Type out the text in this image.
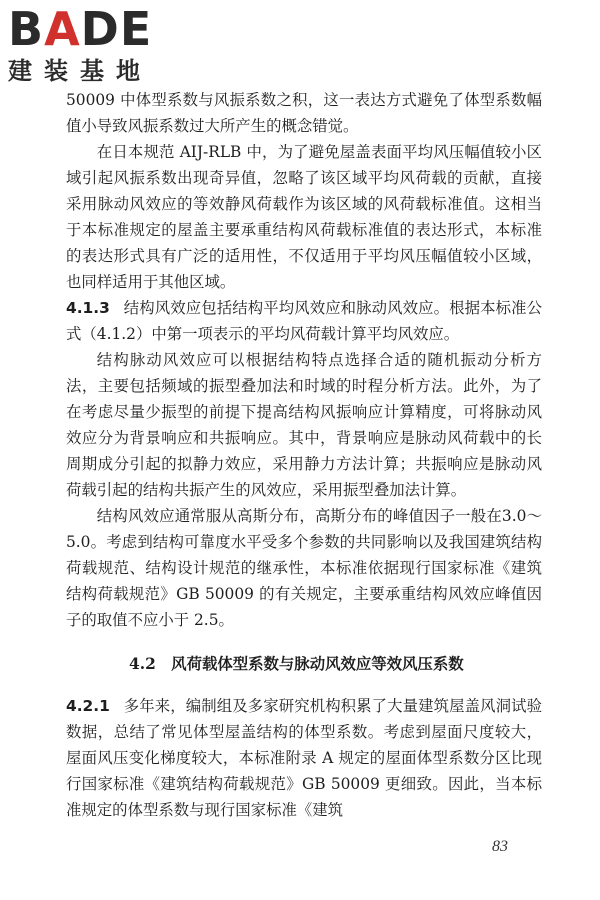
BADE
建装基地

50009 中体型系数与风振系数之积，这一表达方式避免了体型系数幅值小导致风振系数过大所产生的概念错觉。

在日本规范 AIJ-RLB 中，为了避免屋盖表面平均风压幅值较小区域引起风振系数出现奇异值，忽略了该区域平均风荷载的贡献，直接采用脉动风效应的等效静风荷载作为该区域的风荷载标准值。这相当于本标准规定的屋盖主要承重结构风荷载标准值的表达形式，本标准的表达形式具有广泛的适用性，不仅适用于平均风压幅值较小区域，也同样适用于其他区域。

4.1.3 结构风效应包括结构平均风效应和脉动风效应。根据本标准公式（4.1.2）中第一项表示的平均风荷载计算平均风效应。

结构脉动风效应可以根据结构特点选择合适的随机振动分析方法，主要包括频域的振型叠加法和时域的时程分析方法。此外，为了在考虑尽量少振型的前提下提高结构风振响应计算精度，可将脉动风效应分为背景响应和共振响应。其中，背景响应是脉动风荷载中的长周期成分引起的拟静力效应，采用静力方法计算；共振响应是脉动风荷载引起的结构共振产生的风效应，采用振型叠加法计算。

结构风效应通常服从高斯分布，高斯分布的峰值因子一般在3.0～5.0。考虑到结构可靠度水平受多个参数的共同影响以及我国建筑结构荷载规范、结构设计规范的继承性，本标准依据现行国家标准《建筑结构荷载规范》GB 50009 的有关规定，主要承重结构风效应峰值因子的取值不应小于 2.5。

4.2 风荷载体型系数与脉动风效应等效风压系数

4.2.1 多年来，编制组及多家研究机构积累了大量建筑屋盖风洞试验数据，总结了常见体型屋盖结构的体型系数。考虑到屋面尺度较大，屋面风压变化梯度较大，本标准附录 A 规定的屋面体型系数分区比现行国家标准《建筑结构荷载规范》GB 50009 更细致。因此，当本标准规定的体型系数与现行国家标准《建筑

83
